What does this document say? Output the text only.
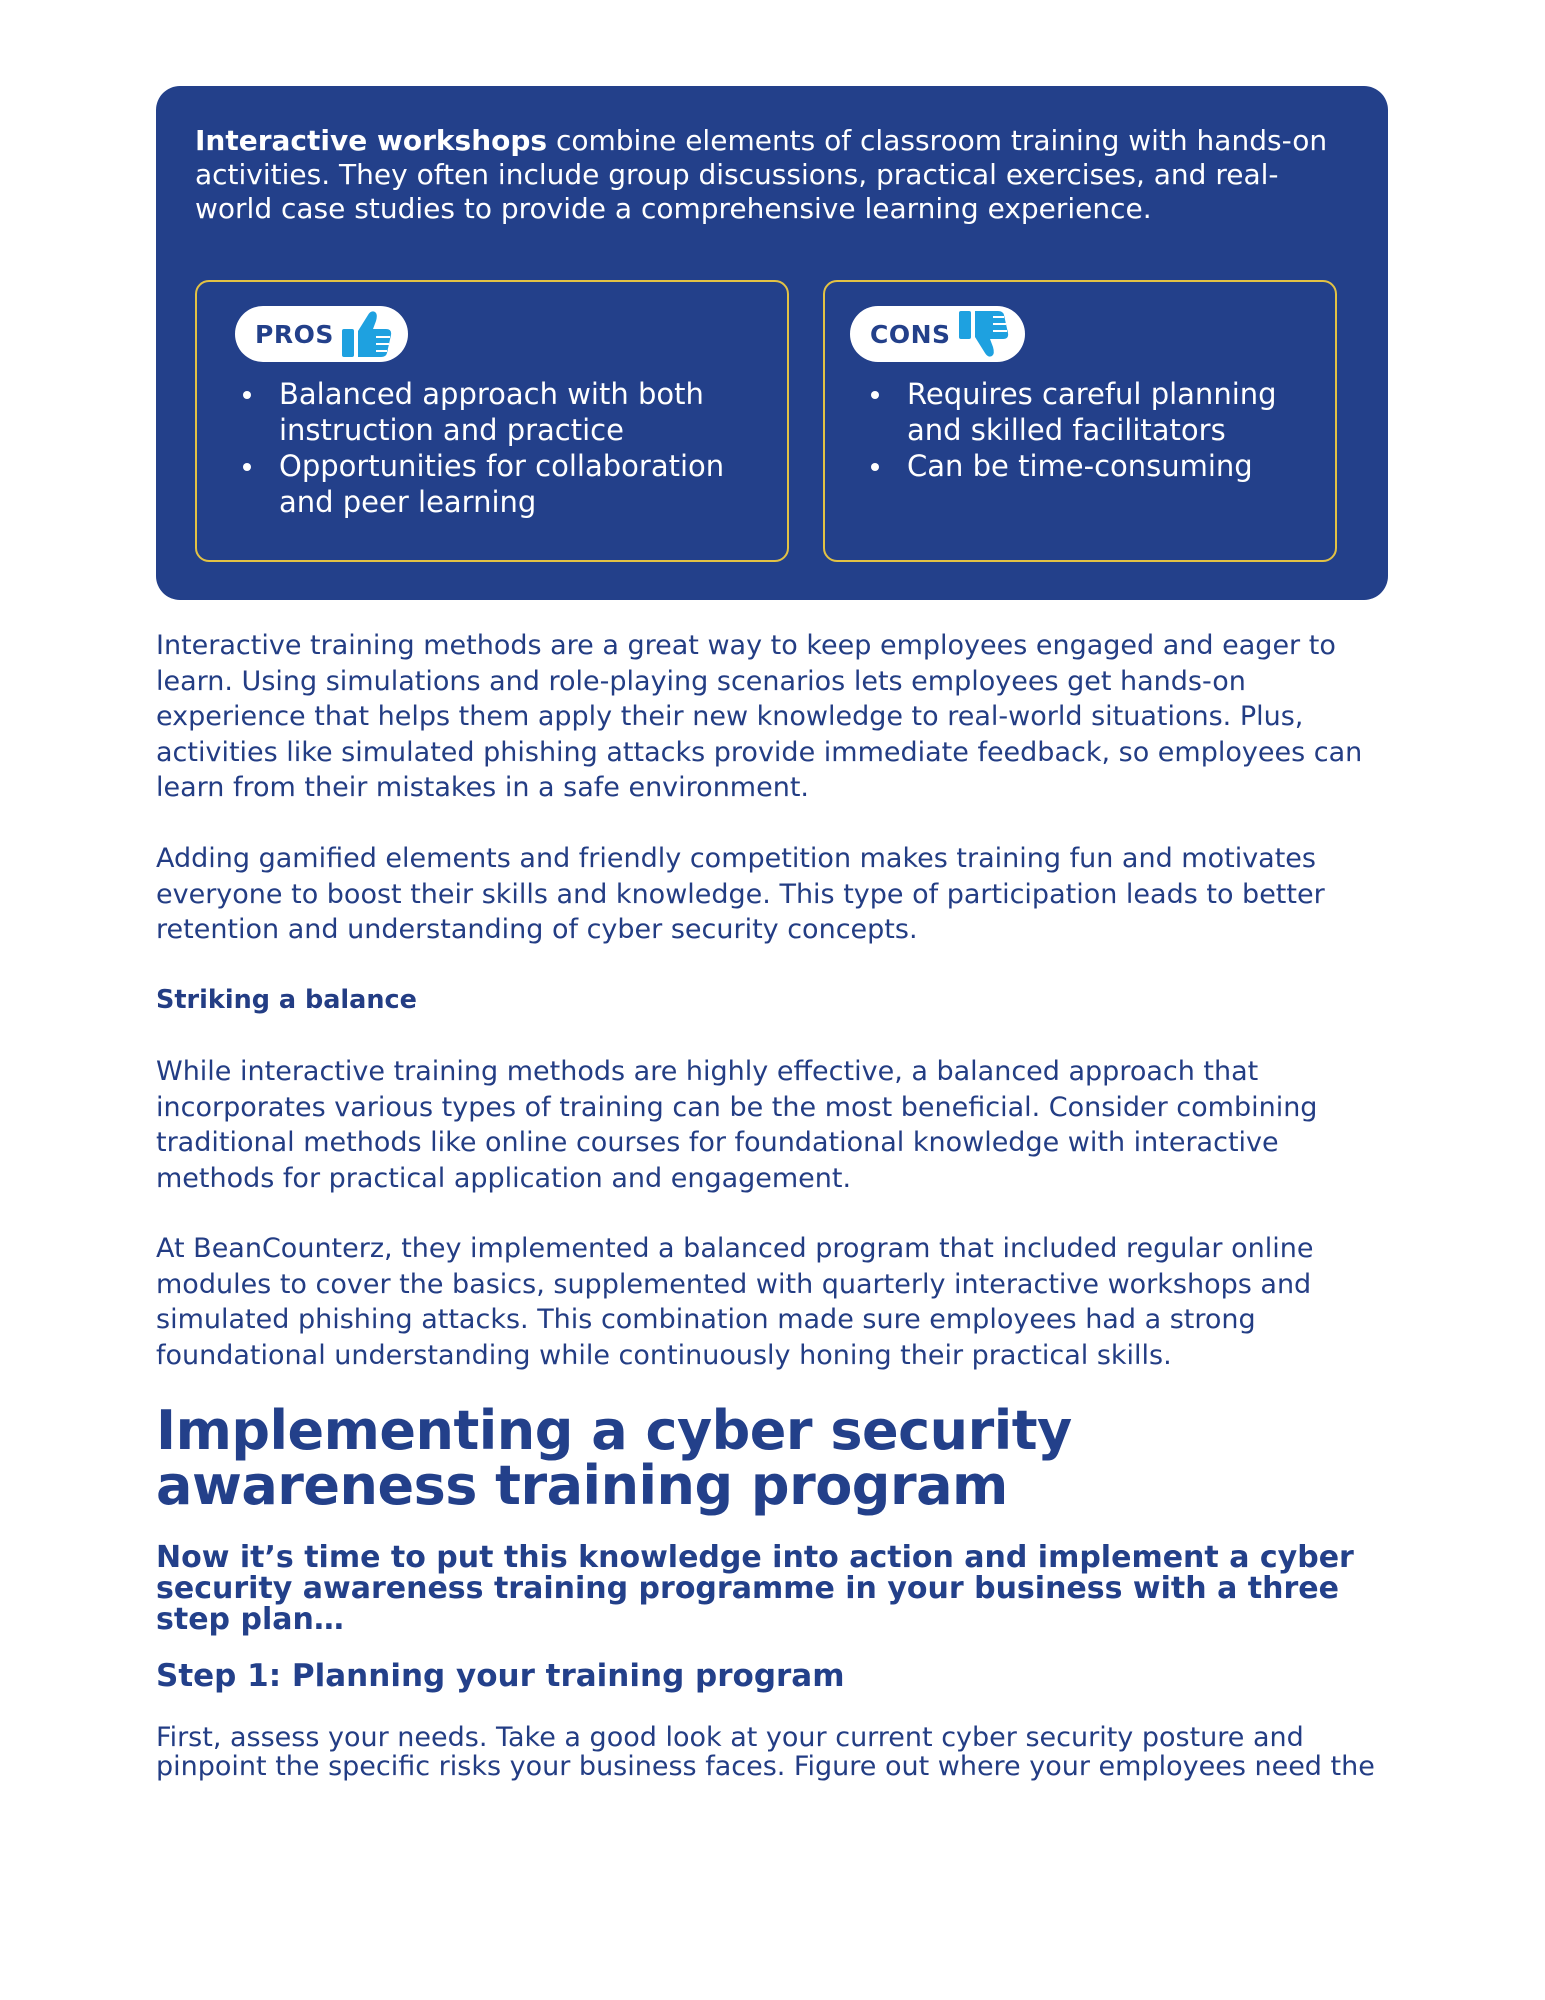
Interactive workshops combine elements of classroom training with hands-on activities. They often include group discussions, practical exercises, and real-world case studies to provide a comprehensive learning experience.

PROS
Balanced approach with both instruction and practice
Opportunities for collaboration and peer learning
CONS
Requires careful planning and skilled facilitators
Can be time-consuming

Interactive training methods are a great way to keep employees engaged and eager to learn. Using simulations and role-playing scenarios lets employees get hands-on experience that helps them apply their new knowledge to real-world situations. Plus, activities like simulated phishing attacks provide immediate feedback, so employees can learn from their mistakes in a safe environment.

Adding gamified elements and friendly competition makes training fun and motivates everyone to boost their skills and knowledge. This type of participation leads to better retention and understanding of cyber security concepts.

Striking a balance

While interactive training methods are highly effective, a balanced approach that incorporates various types of training can be the most beneficial. Consider combining traditional methods like online courses for foundational knowledge with interactive methods for practical application and engagement.

At BeanCounterz, they implemented a balanced program that included regular online modules to cover the basics, supplemented with quarterly interactive workshops and simulated phishing attacks. This combination made sure employees had a strong foundational understanding while continuously honing their practical skills.

Implementing a cyber security awareness training program
Now it’s time to put this knowledge into action and implement a cyber security awareness training programme in your business with a three step plan…
Step 1: Planning your training program

First, assess your needs. Take a good look at your current cyber security posture and pinpoint the specific risks your business faces. Figure out where your employees need the
